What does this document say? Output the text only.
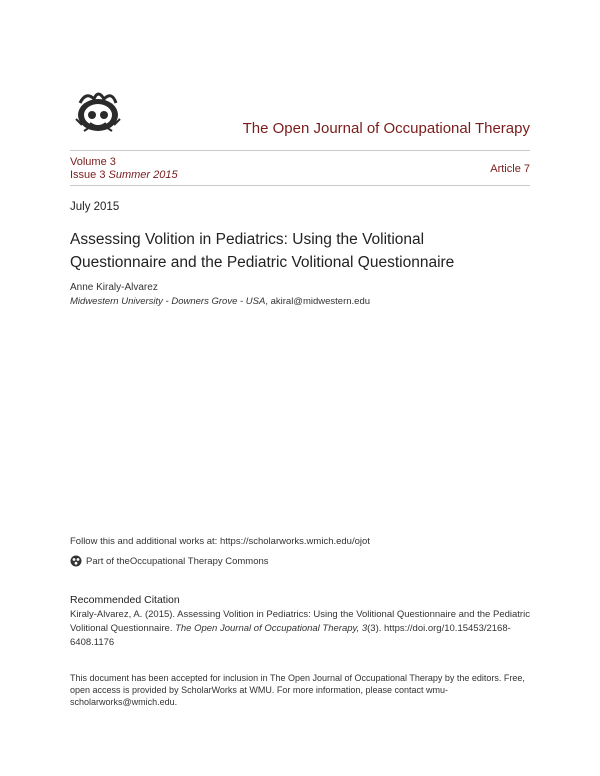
The Open Journal of Occupational Therapy
Volume 3
Issue 3 Summer 2015	Article 7
July 2015
Assessing Volition in Pediatrics: Using the Volitional Questionnaire and the Pediatric Volitional Questionnaire
Anne Kiraly-Alvarez
Midwestern University - Downers Grove - USA, akiral@midwestern.edu
Follow this and additional works at: https://scholarworks.wmich.edu/ojot
Part of the Occupational Therapy Commons
Recommended Citation
Kiraly-Alvarez, A. (2015). Assessing Volition in Pediatrics: Using the Volitional Questionnaire and the Pediatric Volitional Questionnaire. The Open Journal of Occupational Therapy, 3(3). https://doi.org/10.15453/2168-6408.1176
This document has been accepted for inclusion in The Open Journal of Occupational Therapy by the editors. Free, open access is provided by ScholarWorks at WMU. For more information, please contact wmu-scholarworks@wmich.edu.
